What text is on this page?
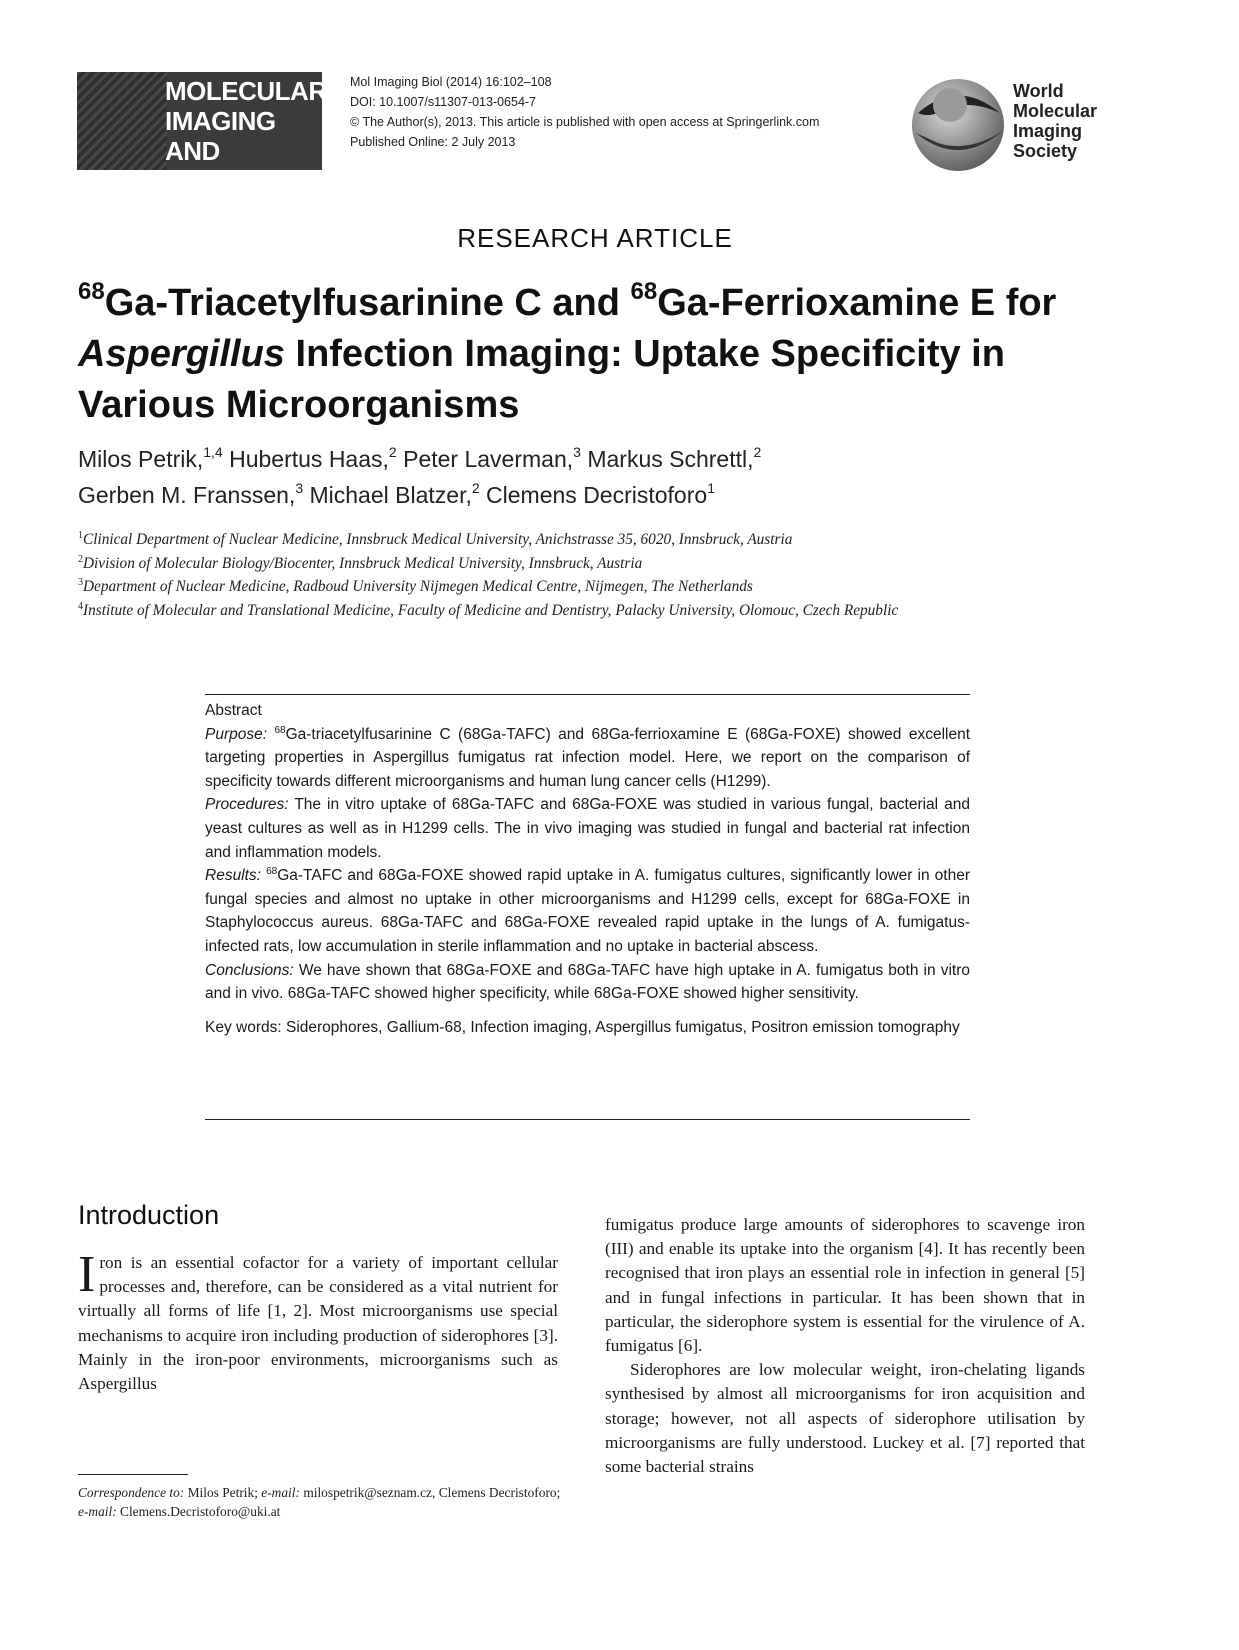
MOLECULAR
IMAGING
AND BIOLOGY
Mol Imaging Biol (2014) 16:102–108
DOI: 10.1007/s11307-013-0654-7
© The Author(s), 2013. This article is published with open access at Springerlink.com
Published Online: 2 July 2013
World
Molecular
Imaging
Society
RESEARCH ARTICLE
$^{68}$Ga-Triacetylfusarinine C and $^{68}$Ga-Ferrioxamine E for Aspergillus Infection Imaging: Uptake Specificity in Various Microorganisms
Milos Petrik,$^{1,4}$ Hubertus Haas,$^2$ Peter Laverman,$^3$ Markus Schrettl,$^2$
Gerben M. Franssen,$^3$ Michael Blatzer,$^2$ Clemens Decristoforo$^1$
$^1$Clinical Department of Nuclear Medicine, Innsbruck Medical University, Anichstrasse 35, 6020, Innsbruck, Austria
$^2$Division of Molecular Biology/Biocenter, Innsbruck Medical University, Innsbruck, Austria
$^3$Department of Nuclear Medicine, Radboud University Nijmegen Medical Centre, Nijmegen, The Netherlands
$^4$Institute of Molecular and Translational Medicine, Faculty of Medicine and Dentistry, Palacky University, Olomouc, Czech Republic

Abstract

Purpose: $^{68}$Ga-triacetylfusarinine C (68Ga-TAFC) and 68Ga-ferrioxamine E (68Ga-FOXE) showed excellent targeting properties in Aspergillus fumigatus rat infection model. Here, we report on the comparison of specificity towards different microorganisms and human lung cancer cells (H1299).

Procedures: The in vitro uptake of 68Ga-TAFC and 68Ga-FOXE was studied in various fungal, bacterial and yeast cultures as well as in H1299 cells. The in vivo imaging was studied in fungal and bacterial rat infection and inflammation models.

Results: $^{68}$Ga-TAFC and 68Ga-FOXE showed rapid uptake in A. fumigatus cultures, significantly lower in other fungal species and almost no uptake in other microorganisms and H1299 cells, except for 68Ga-FOXE in Staphylococcus aureus. 68Ga-TAFC and 68Ga-FOXE revealed rapid uptake in the lungs of A. fumigatus-infected rats, low accumulation in sterile inflammation and no uptake in bacterial abscess.

Conclusions: We have shown that 68Ga-FOXE and 68Ga-TAFC have high uptake in A. fumigatus both in vitro and in vivo. 68Ga-TAFC showed higher specificity, while 68Ga-FOXE showed higher sensitivity.

Key words: Siderophores, Gallium-68, Infection imaging, Aspergillus fumigatus, Positron emission tomography

Introduction

Iron is an essential cofactor for a variety of important cellular processes and, therefore, can be considered as a vital nutrient for virtually all forms of life [1, 2]. Most microorganisms use special mechanisms to acquire iron including production of siderophores [3]. Mainly in the iron-poor environments, microorganisms such as Aspergillus

fumigatus produce large amounts of siderophores to scavenge iron (III) and enable its uptake into the organism [4]. It has recently been recognised that iron plays an essential role in infection in general [5] and in fungal infections in particular. It has been shown that in particular, the siderophore system is essential for the virulence of A. fumigatus [6].

Siderophores are low molecular weight, iron-chelating ligands synthesised by almost all microorganisms for iron acquisition and storage; however, not all aspects of siderophore utilisation by microorganisms are fully understood. Luckey et al. [7] reported that some bacterial strains

Correspondence to: Milos Petrik; e-mail: milospetrik@seznam.cz, Clemens Decristoforo; e-mail: Clemens.Decristoforo@uki.at
